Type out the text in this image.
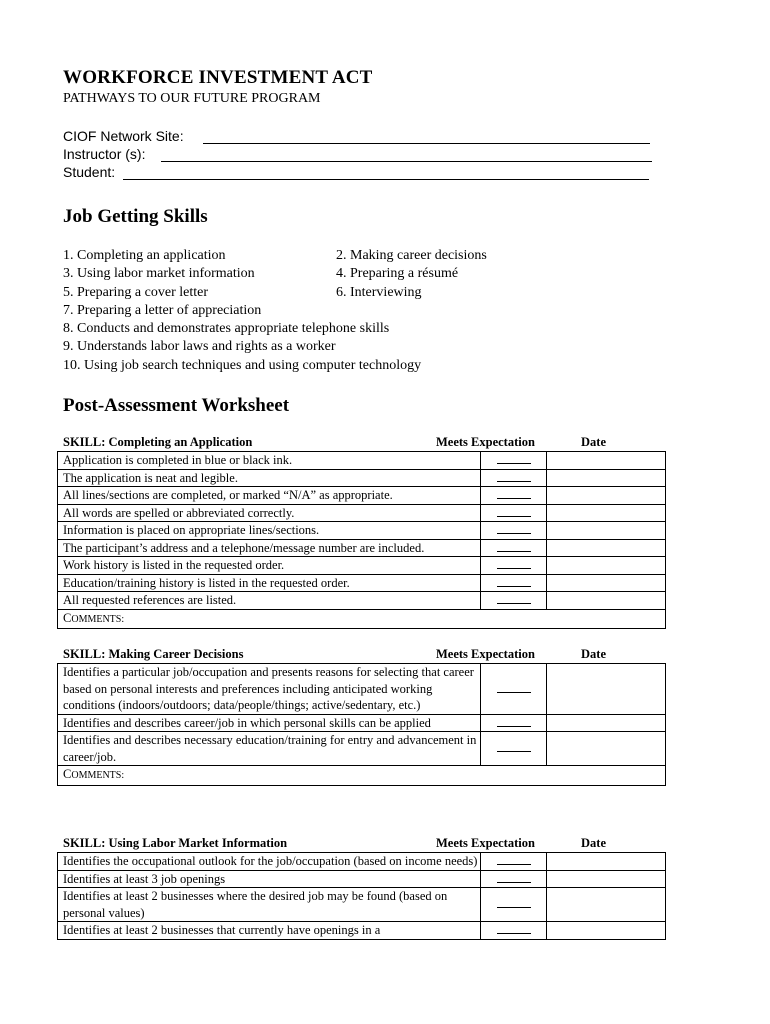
WORKFORCE INVESTMENT ACT
PATHWAYS TO OUR FUTURE PROGRAM
CIOF Network Site:
Instructor (s):
Student:
Job Getting Skills
1. Completing an application	2. Making career decisions
3. Using labor market information	4. Preparing a résumé
5. Preparing a cover letter	6. Interviewing
7. Preparing a letter of appreciation
8. Conducts and demonstrates appropriate telephone skills
9. Understands labor laws and rights as a worker
10. Using job search techniques and using computer technology
Post-Assessment Worksheet
SKILL: Completing an Application	Meets Expectation	Date
Application is completed in blue or black ink.		
The application is neat and legible.		
All lines/sections are completed, or marked “N/A” as appropriate.		
All words are spelled or abbreviated correctly.		
Information is placed on appropriate lines/sections.		
The participant’s address and a telephone/message number are included.		
Work history is listed in the requested order.		
Education/training history is listed in the requested order.		
All requested references are listed.		
COMMENTS:		
SKILL: Making Career Decisions	Meets Expectation	Date
Identifies a particular job/occupation and presents reasons for selecting that career based on personal interests and preferences including anticipated working conditions (indoors/outdoors; data/people/things; active/sedentary, etc.)		
Identifies and describes career/job in which personal skills can be applied		
Identifies and describes necessary education/training for entry and advancement in career/job.		
COMMENTS:		
SKILL: Using Labor Market Information	Meets Expectation	Date
Identifies the occupational outlook for the job/occupation (based on income needs)		
Identifies at least 3 job openings		
Identifies at least 2 businesses where the desired job may be found (based on personal values)		
Identifies at least 2 businesses that currently have openings in a		
